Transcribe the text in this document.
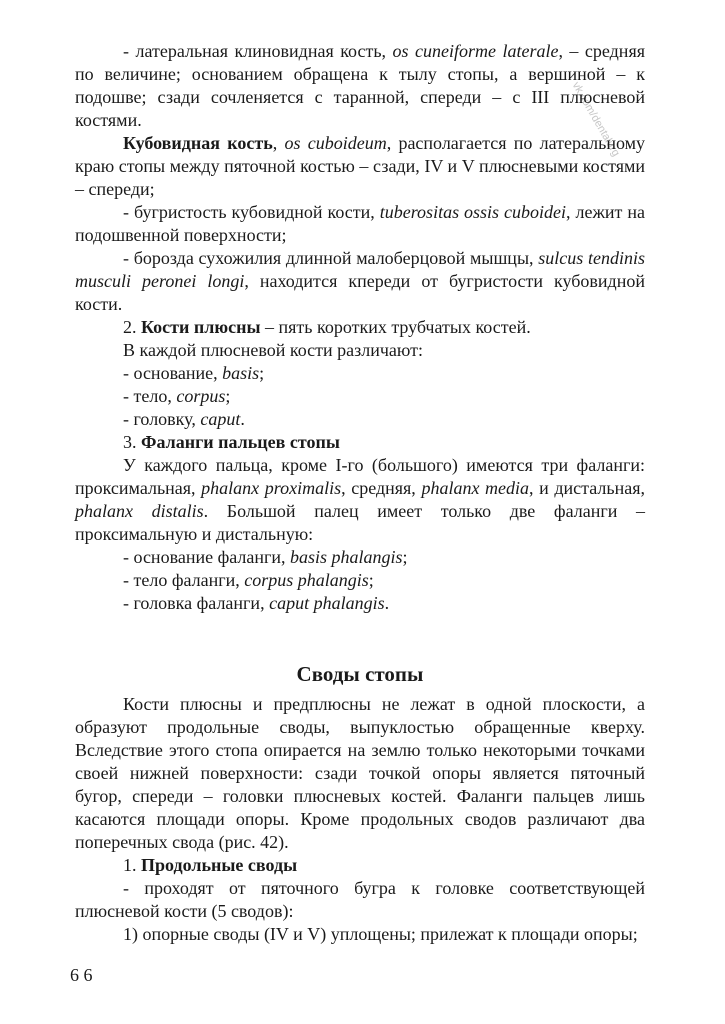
vk.com/dentalurg

- латеральная клиновидная кость, os cuneiforme laterale, – средняя по величине; основанием обращена к тылу стопы, а вершиной – к подошве; сзади сочленяется с таранной, спереди – с III плюсневой костями.

Кубовидная кость, os cuboideum, располагается по латеральному краю стопы между пяточной костью – сзади, IV и V плюсневыми костями – спереди;

- бугристость кубовидной кости, tuberositas ossis cuboidei, лежит на подошвенной поверхности;

- борозда сухожилия длинной малоберцовой мышцы, sulcus tendinis musculi peronei longi, находится кпереди от бугристости кубовидной кости.

2. Кости плюсны – пять коротких трубчатых костей.

В каждой плюсневой кости различают:

- основание, basis;

- тело, corpus;

- головку, caput.

3. Фаланги пальцев стопы

У каждого пальца, кроме I-го (большого) имеются три фаланги: проксимальная, phalanx proximalis, средняя, phalanx media, и дистальная, phalanx distalis. Большой палец имеет только две фаланги – проксимальную и дистальную:

- основание фаланги, basis phalangis;

- тело фаланги, corpus phalangis;

- головка фаланги, caput phalangis.

Своды стопы

Кости плюсны и предплюсны не лежат в одной плоскости, а образуют продольные своды, выпуклостью обращенные кверху. Вследствие этого стопа опирается на землю только некоторыми точками своей нижней поверхности: сзади точкой опоры является пяточный бугор, спереди – головки плюсневых костей. Фаланги пальцев лишь касаются площади опоры. Кроме продольных сводов различают два поперечных свода (рис. 42).

1. Продольные своды

- проходят от пяточного бугра к головке соответствующей плюсневой кости (5 сводов):

1) опорные своды (IV и V) уплощены; прилежат к площади опоры;

6 6
